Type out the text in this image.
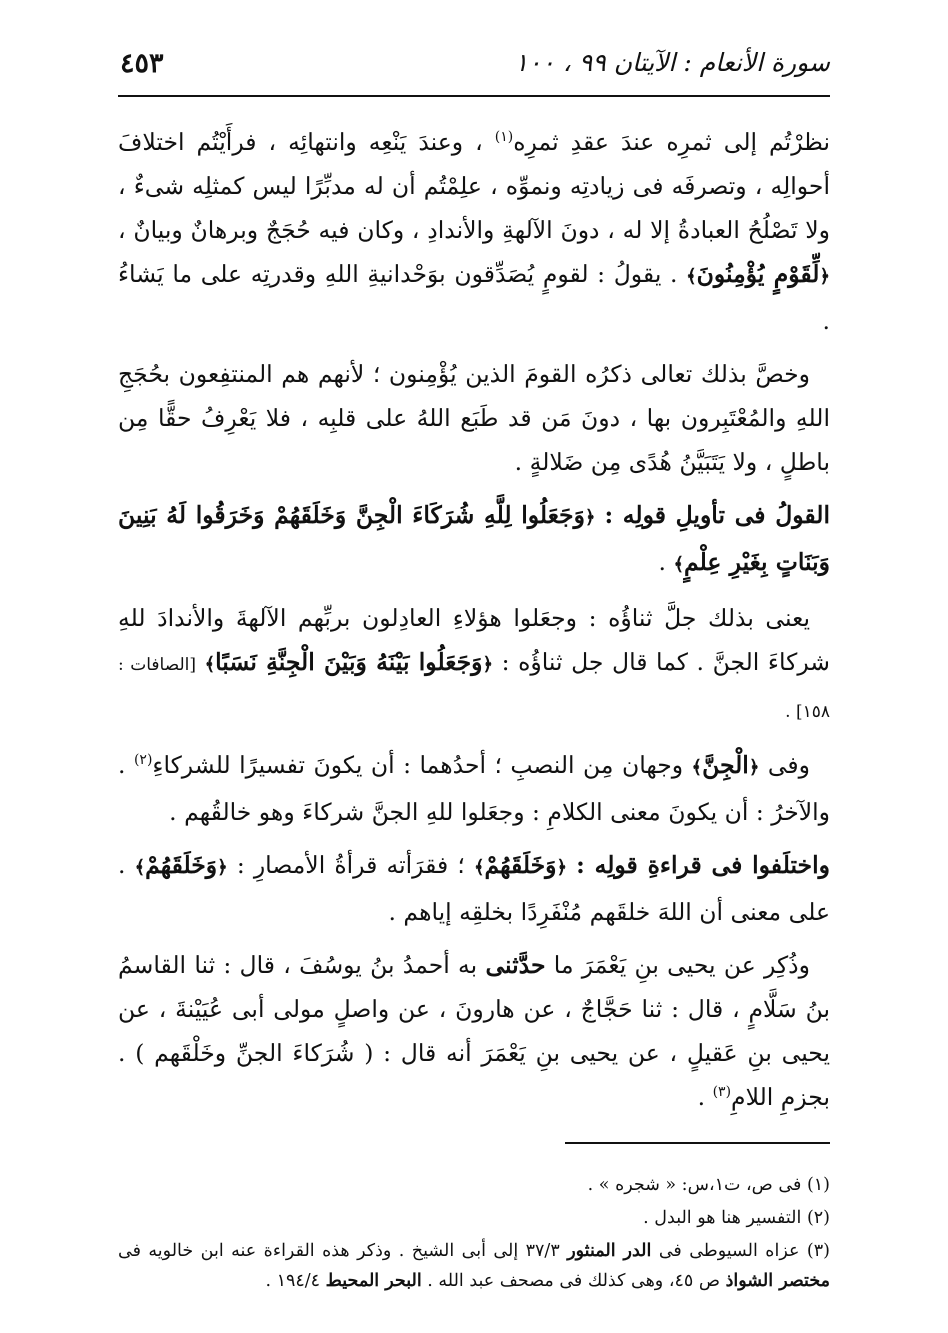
سورة الأنعام : الآيتان ٩٩ ، ١٠٠
٤٥٣

نظرْتُم إلى ثمرِه عندَ عقدِ ثمرِه$^{(١)}$ ، وعندَ يَنْعِه وانتهائِه ، فرأَيْتُم اختلافَ أحوالِه ، وتصرفَه فى زيادتِه ونموِّه ، علِمْتُم أن له مدبِّرًا ليس كمثلِه شىءٌ ، ولا تَصْلُحُ العبادةُ إلا له ، دونَ الآلهةِ والأندادِ ، وكان فيه حُجَجٌ وبرهانٌ وبيانٌ ، ﴿لِّقَوْمٍ يُؤْمِنُونَ﴾ . يقولُ : لقومٍ يُصَدِّقون بوَحْدانيةِ اللهِ وقدرتِه على ما يَشاءُ .

وخصَّ بذلك تعالى ذكرُه القومَ الذين يُؤْمِنون ؛ لأنهم هم المنتفِعون بحُجَجِ اللهِ والمُعْتَبِرون بها ، دونَ مَن قد طَبَع اللهُ على قلبِه ، فلا يَعْرِفُ حقًّا مِن باطلٍ ، ولا يَتَبَيَّنُ هُدًى مِن ضَلالةٍ .

القولُ فى تأويلِ قولِه : ﴿وَجَعَلُوا لِلَّهِ شُرَكَاءَ الْجِنَّ وَخَلَقَهُمْ وَخَرَقُوا لَهُ بَنِينَ وَبَنَاتٍ بِغَيْرِ عِلْمٍ﴾ .

يعنى بذلك جلَّ ثناؤُه : وجعَلوا هؤلاءِ العادِلون بربِّهم الآلهةَ والأندادَ للهِ شركاءَ الجنَّ . كما قال جل ثناؤُه : ﴿وَجَعَلُوا بَيْنَهُ وَبَيْنَ الْجِنَّةِ نَسَبًا﴾ [الصافات : ١٥٨] .

وفى ﴿الْجِنَّ﴾ وجهان مِن النصبِ ؛ أحدُهما : أن يكونَ تفسيرًا للشركاءِ$^{(٢)}$ . والآخرُ : أن يكونَ معنى الكلامِ : وجعَلوا للهِ الجنَّ شركاءَ وهو خالقُهم .

واختلَفوا فى قراءةِ قولِه : ﴿وَخَلَقَهُمْ﴾ ؛ فقرَأته قرأةُ الأمصارِ : ﴿وَخَلَقَهُمْ﴾ . على معنى أن اللهَ خلقَهم مُنْفَرِدًا بخلقِه إياهم .

وذُكِر عن يحيى بنِ يَعْمَرَ ما حدَّثنى به أحمدُ بنُ يوسُفَ ، قال : ثنا القاسمُ بنُ سَلَّامٍ ، قال : ثنا حَجَّاجٌ ، عن هارونَ ، عن واصلٍ مولى أبى عُيَيْنةَ ، عن يحيى بنِ عَقيلٍ ، عن يحيى بنِ يَعْمَرَ أنه قال : ( شُرَكاءَ الجنِّ وخَلْقَهم ) . بجزمِ اللامِ$^{(٣)}$ .

(١) فى ص، ت١،س: « شجره » .

(٢) التفسير هنا هو البدل .

(٣) عزاه السيوطى فى الدر المنثور ٣٧/٣ إلى أبى الشيخ . وذكر هذه القراءة عنه ابن خالويه فى مختصر الشواذ ص ٤٥، وهى كذلك فى مصحف عبد الله . البحر المحيط ١٩٤/٤ .
